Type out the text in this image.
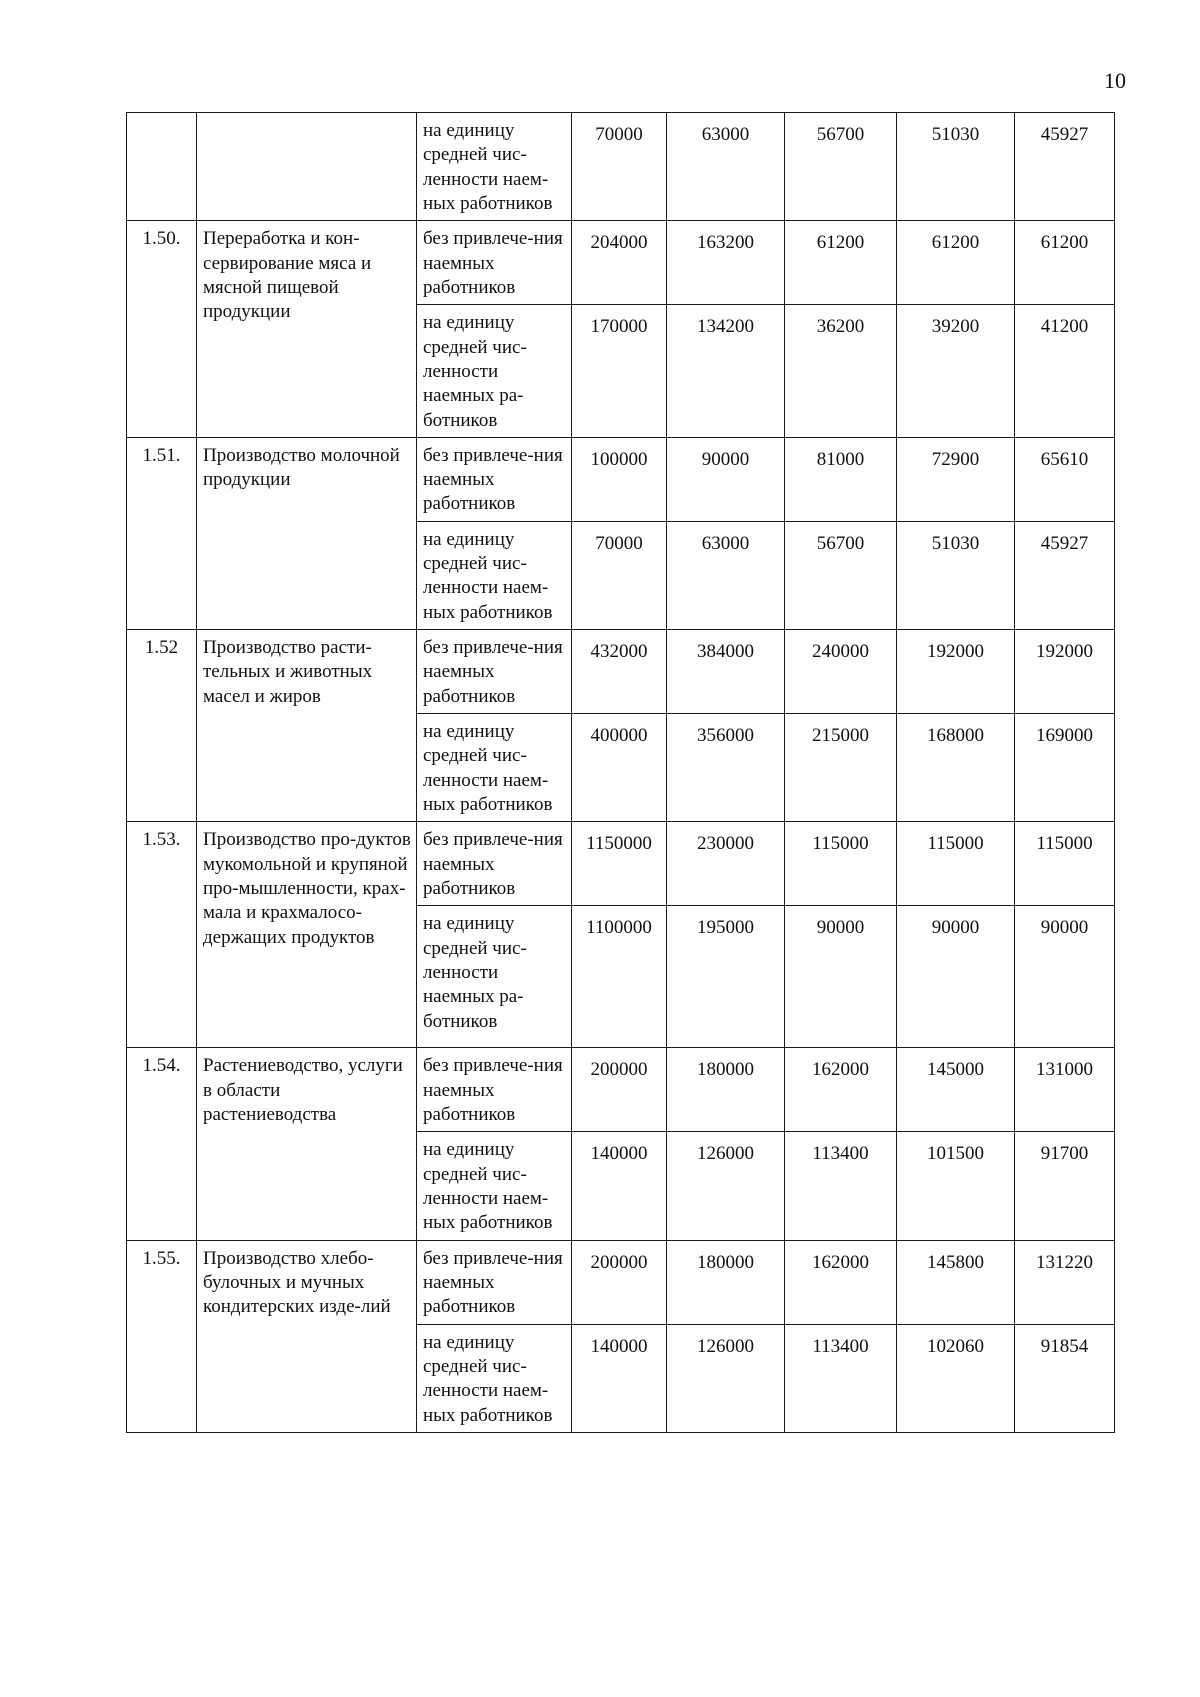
10
		на единицу средней чис-ленности наем-ных работников	70000	63000	56700	51030	45927
1.50.	Переработка и кон-сервирование мяса и мясной пищевой продукции	без привлече-ния наемных работников	204000	163200	61200	61200	61200
		на единицу средней чис-ленности наемных ра-ботников	170000	134200	36200	39200	41200
1.51.	Производство молочной продукции	без привлече-ния наемных работников	100000	90000	81000	72900	65610
		на единицу средней чис-ленности наем-ных работников	70000	63000	56700	51030	45927
1.52	Производство расти-тельных и животных масел и жиров	без привлече-ния наемных работников	432000	384000	240000	192000	192000
		на единицу средней чис-ленности наем-ных работников	400000	356000	215000	168000	169000
1.53.	Производство про-дуктов мукомольной и крупяной про-мышленности, крах-мала и крахмалосо-держащих продуктов	без привлече-ния наемных работников	1150000	230000	115000	115000	115000
		на единицу средней чис-ленности наемных ра-ботников	1100000	195000	90000	90000	90000
1.54.	Растениеводство, услуги в области растениеводства	без привлече-ния наемных работников	200000	180000	162000	145000	131000
		на единицу средней чис-ленности наем-ных работников	140000	126000	113400	101500	91700
1.55.	Производство хлебо-булочных и мучных кондитерских изде-лий	без привлече-ния наемных работников	200000	180000	162000	145800	131220
		на единицу средней чис-ленности наем-ных работников	140000	126000	113400	102060	91854
